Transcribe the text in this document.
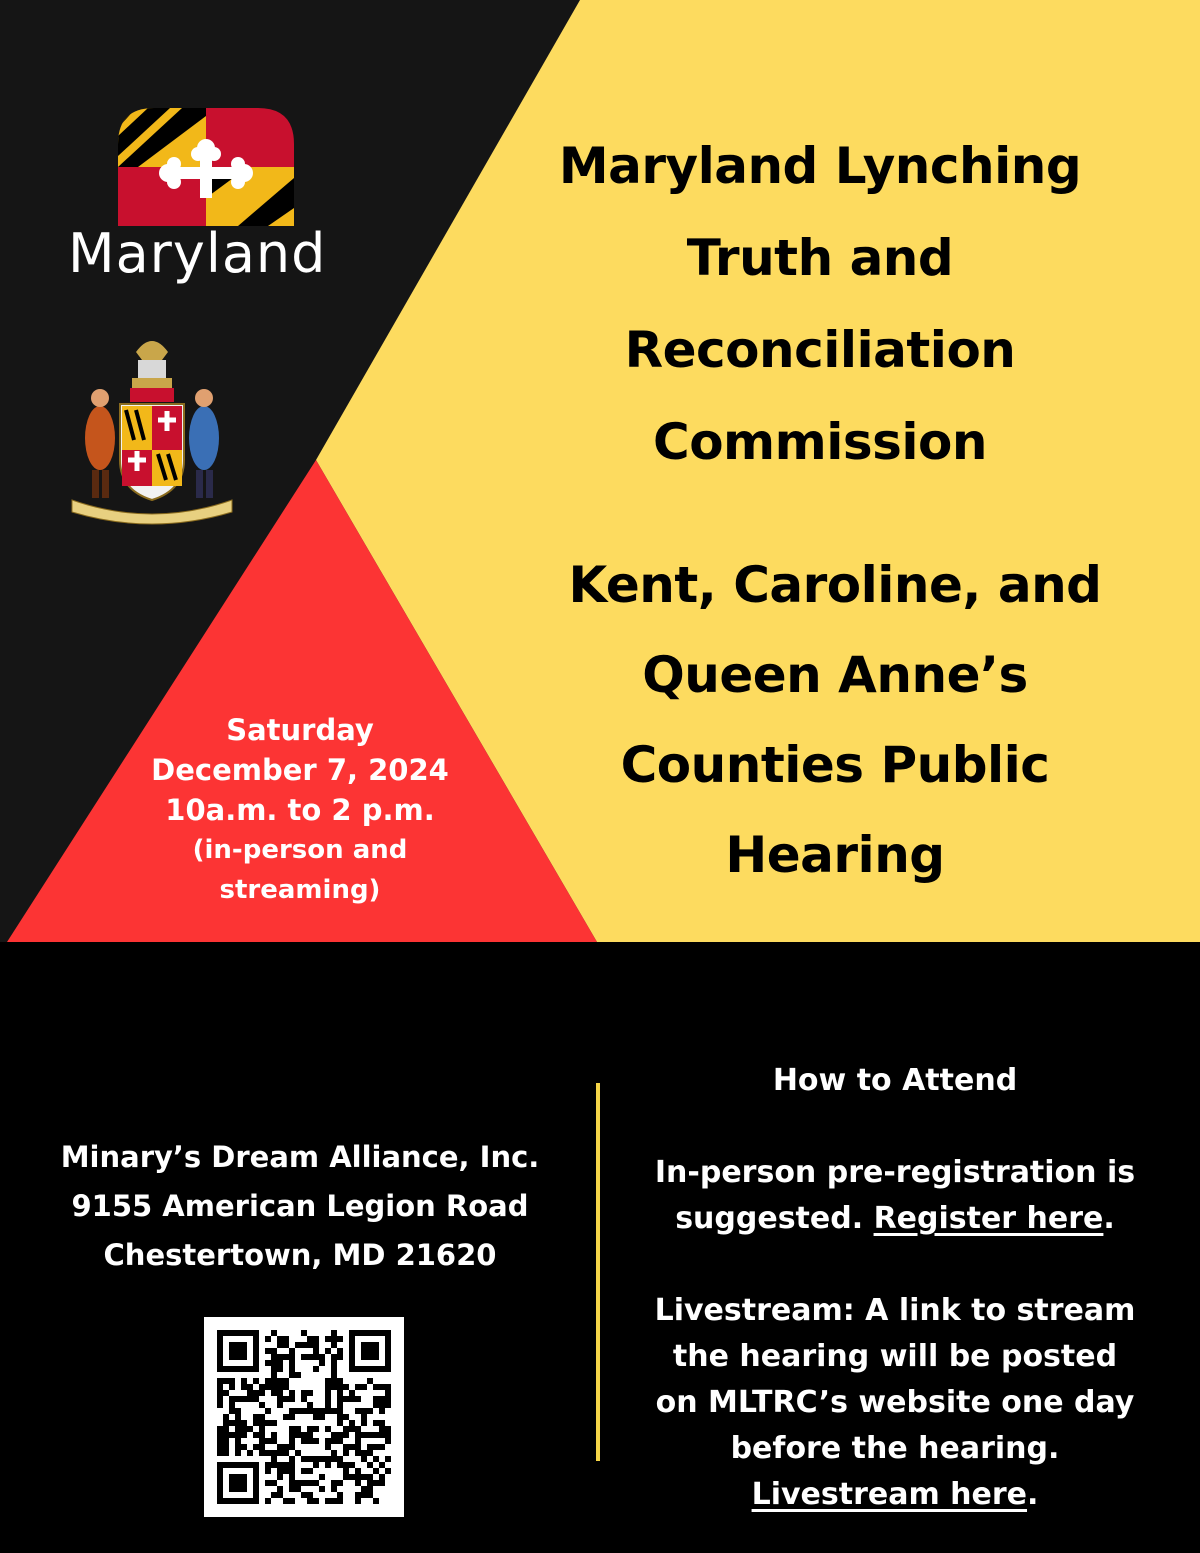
Maryland
Maryland Lynching
Truth and
Reconciliation
Commission
Kent, Caroline, and
Queen Anne’s
Counties Public
Hearing
Saturday
December 7, 2024
10a.m. to 2 p.m.
(in-person and
streaming)
Minary’s Dream Alliance, Inc.
9155 American Legion Road
Chestertown, MD 21620

How to Attend

In-person pre-registration is

suggested. Register here.

Livestream: A link to stream

the hearing will be posted

on MLTRC’s website one day

before the hearing.

Livestream here.
